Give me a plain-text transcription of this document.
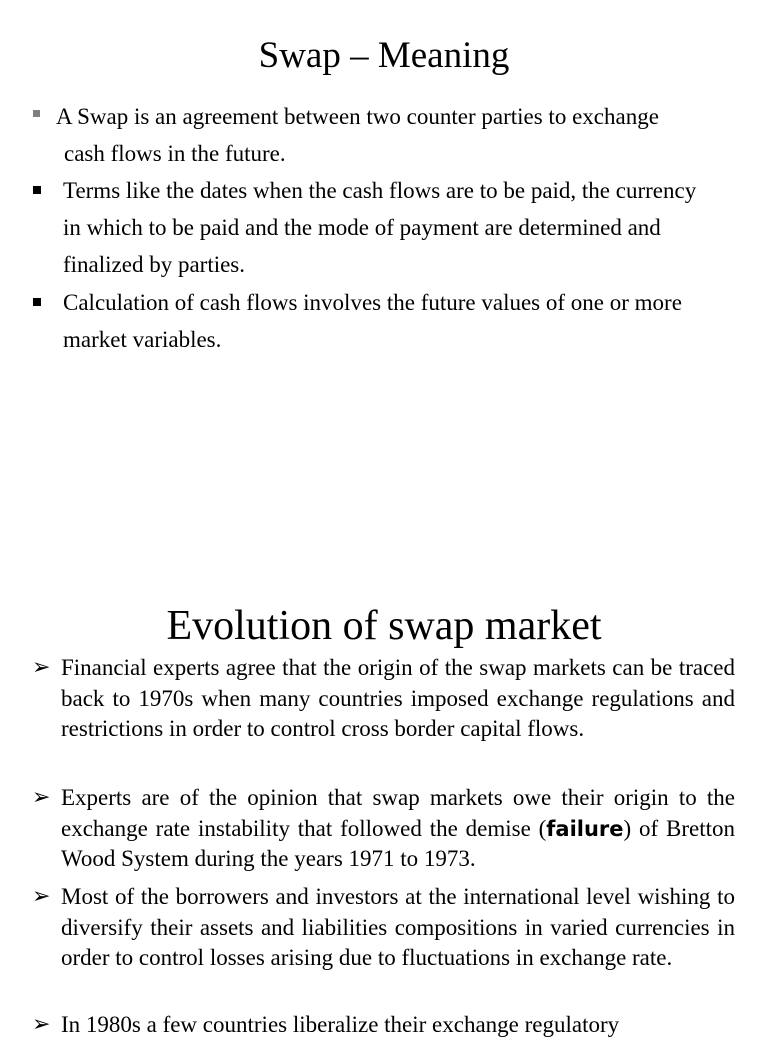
Swap – Meaning
A Swap is an agreement between two counter parties to exchange
cash flows in the future.
Terms like the dates when the cash flows are to be paid, the currency in which to be paid and the mode of payment are determined and finalized by parties.
Calculation of cash flows involves the future values of one or more market variables.
Evolution of swap market
➢ Financial experts agree that the origin of the swap markets can be traced back to 1970s when many countries imposed exchange regulations and restrictions in order to control cross border capital flows.
➢ Experts are of the opinion that swap markets owe their origin to the exchange rate instability that followed the demise (failure) of Bretton Wood System during the years 1971 to 1973.
➢ Most of the borrowers and investors at the international level wishing to diversify their assets and liabilities compositions in varied currencies in order to control losses arising due to fluctuations in exchange rate.
➢ In 1980s a few countries liberalize their exchange regulatory
